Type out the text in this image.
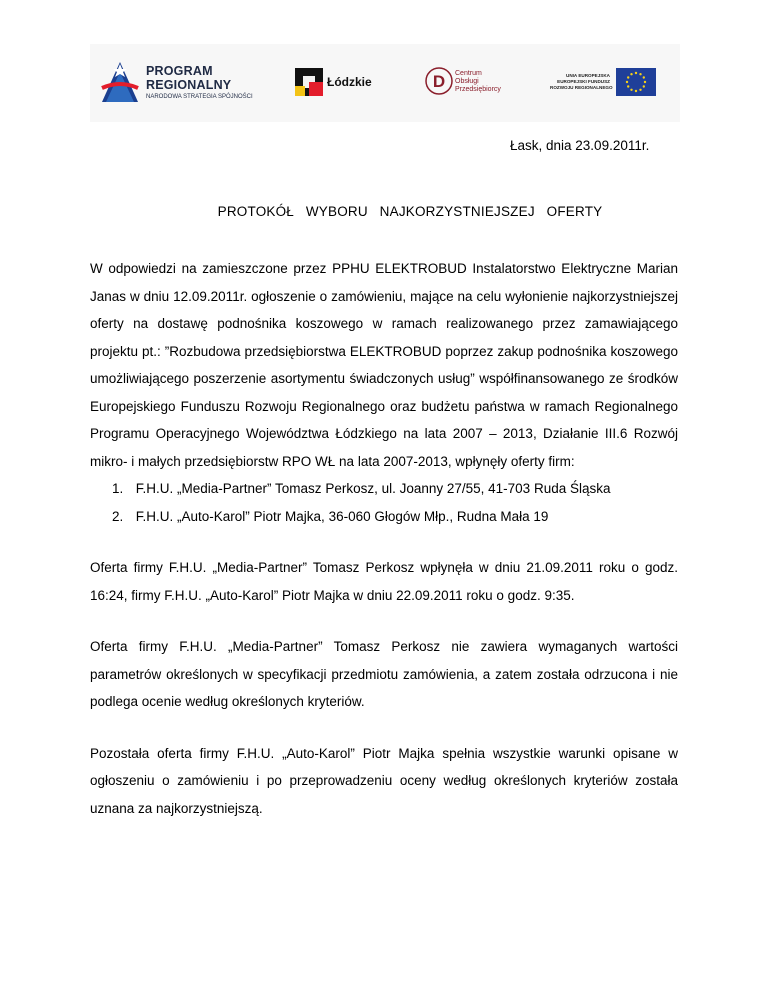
PROGRAM
REGIONALNY
NARODOWA STRATEGIA SPÓJNOŚCI
Łódzkie	D Centrum
Obsługi
Przedsiębiorcy
UNIA EUROPEJSKA
EUROPEJSKI FUNDUSZ
ROZWOJU REGIONALNEGO
Łask, dnia 23.09.2011r.
PROTOKÓŁ   WYBORU   NAJKORZYSTNIEJSZEJ   OFERTY

W odpowiedzi na zamieszczone przez PPHU ELEKTROBUD Instalatorstwo Elektryczne Marian Janas w dniu 12.09.2011r. ogłoszenie o zamówieniu, mające na celu wyłonienie najkorzystniejszej oferty na dostawę podnośnika koszowego w ramach realizowanego przez zamawiającego projektu pt.: ”Rozbudowa przedsiębiorstwa ELEKTROBUD poprzez zakup podnośnika koszowego umożliwiającego poszerzenie asortymentu świadczonych usług” współfinansowanego ze środków Europejskiego Funduszu Rozwoju Regionalnego oraz budżetu państwa w ramach Regionalnego Programu Operacyjnego Województwa Łódzkiego na lata 2007 – 2013, Działanie III.6 Rozwój mikro- i małych przedsiębiorstw RPO WŁ na lata 2007-2013, wpłynęły oferty firm:

1. F.H.U. „Media-Partner” Tomasz Perkosz, ul. Joanny 27/55, 41-703 Ruda Śląska
2. F.H.U. „Auto-Karol” Piotr Majka, 36-060 Głogów Młp., Rudna Mała 19

Oferta firmy F.H.U. „Media-Partner” Tomasz Perkosz wpłynęła w dniu 21.09.2011 roku o godz. 16:24, firmy F.H.U. „Auto-Karol” Piotr Majka w dniu 22.09.2011 roku o godz. 9:35.

Oferta firmy F.H.U. „Media-Partner” Tomasz Perkosz nie zawiera wymaganych wartości parametrów określonych w specyfikacji przedmiotu zamówienia, a zatem została odrzucona i nie podlega ocenie według określonych kryteriów.

Pozostała oferta firmy F.H.U. „Auto-Karol” Piotr Majka spełnia wszystkie warunki opisane w ogłoszeniu o zamówieniu i po przeprowadzeniu oceny według określonych kryteriów została uznana za najkorzystniejszą.
